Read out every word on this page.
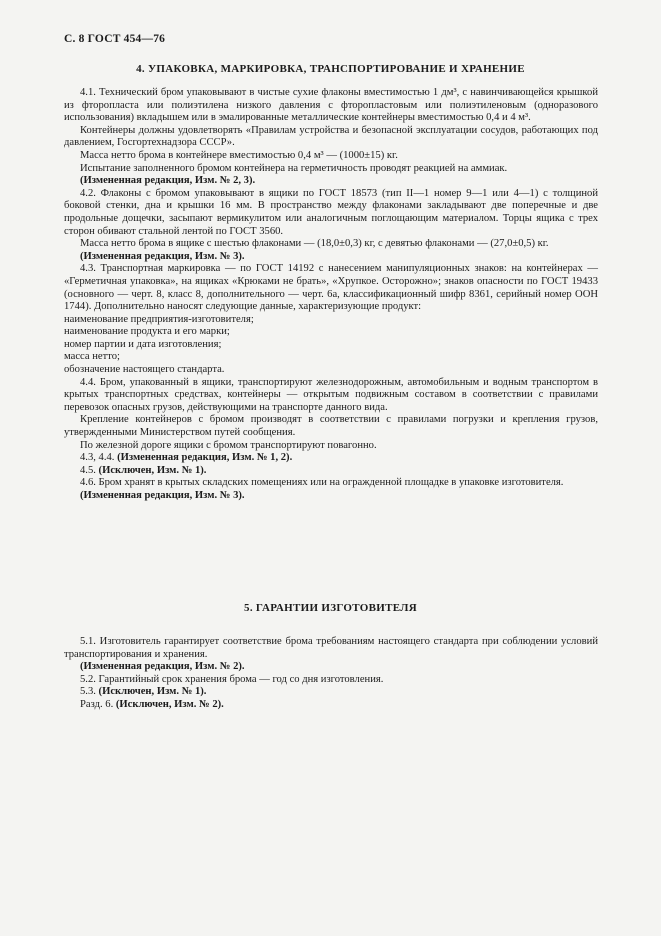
С. 8 ГОСТ 454—76
4. УПАКОВКА, МАРКИРОВКА, ТРАНСПОРТИРОВАНИЕ И ХРАНЕНИЕ

4.1. Технический бром упаковывают в чистые сухие флаконы вместимостью 1 дм³, с навинчивающейся крышкой из фторопласта или полиэтилена низкого давления с фторопластовым или полиэтиленовым (одноразового использования) вкладышем или в эмалированные металлические контейнеры вместимостью 0,4 и 4 м³.

Контейнеры должны удовлетворять «Правилам устройства и безопасной эксплуатации сосудов, работающих под давлением, Госгортехнадзора СССР».

Масса нетто брома в контейнере вместимостью 0,4 м³ — (1000±15) кг.

Испытание заполненного бромом контейнера на герметичность проводят реакцией на аммиак.

(Измененная редакция, Изм. № 2, 3).

4.2. Флаконы с бромом упаковывают в ящики по ГОСТ 18573 (тип II—1 номер 9—1 или 4—1) с толщиной боковой стенки, дна и крышки 16 мм. В пространство между флаконами закладывают две поперечные и две продольные дощечки, засыпают вермикулитом или аналогичным поглощающим материалом. Торцы ящика с трех сторон обивают стальной лентой по ГОСТ 3560.

Масса нетто брома в ящике с шестью флаконами — (18,0±0,3) кг, с девятью флаконами — (27,0±0,5) кг.

(Измененная редакция, Изм. № 3).

4.3. Транспортная маркировка — по ГОСТ 14192 с нанесением манипуляционных знаков: на контейнерах — «Герметичная упаковка», на ящиках «Крюками не брать», «Хрупкое. Осторожно»; знаков опасности по ГОСТ 19433 (основного — черт. 8, класс 8, дополнительного — черт. 6а, классификационный шифр 8361, серийный номер ООН 1744). Дополнительно наносят следующие данные, характеризующие продукт:

наименование предприятия-изготовителя;

наименование продукта и его марки;

номер партии и дата изготовления;

масса нетто;

обозначение настоящего стандарта.

4.4. Бром, упакованный в ящики, транспортируют железнодорожным, автомобильным и водным транспортом в крытых транспортных средствах, контейнеры — открытым подвижным составом в соответствии с правилами перевозок опасных грузов, действующими на транспорте данного вида.

Крепление контейнеров с бромом производят в соответствии с правилами погрузки и крепления грузов, утвержденными Министерством путей сообщения.

По железной дороге ящики с бромом транспортируют повагонно.

4.3, 4.4. (Измененная редакция, Изм. № 1, 2).

4.5. (Исключен, Изм. № 1).

4.6. Бром хранят в крытых складских помещениях или на огражденной площадке в упаковке изготовителя.

(Измененная редакция, Изм. № 3).

5. ГАРАНТИИ ИЗГОТОВИТЕЛЯ

5.1. Изготовитель гарантирует соответствие брома требованиям настоящего стандарта при соблюдении условий транспортирования и хранения.

(Измененная редакция, Изм. № 2).

5.2. Гарантийный срок хранения брома — год со дня изготовления.

5.3. (Исключен, Изм. № 1).

Разд. 6. (Исключен, Изм. № 2).
